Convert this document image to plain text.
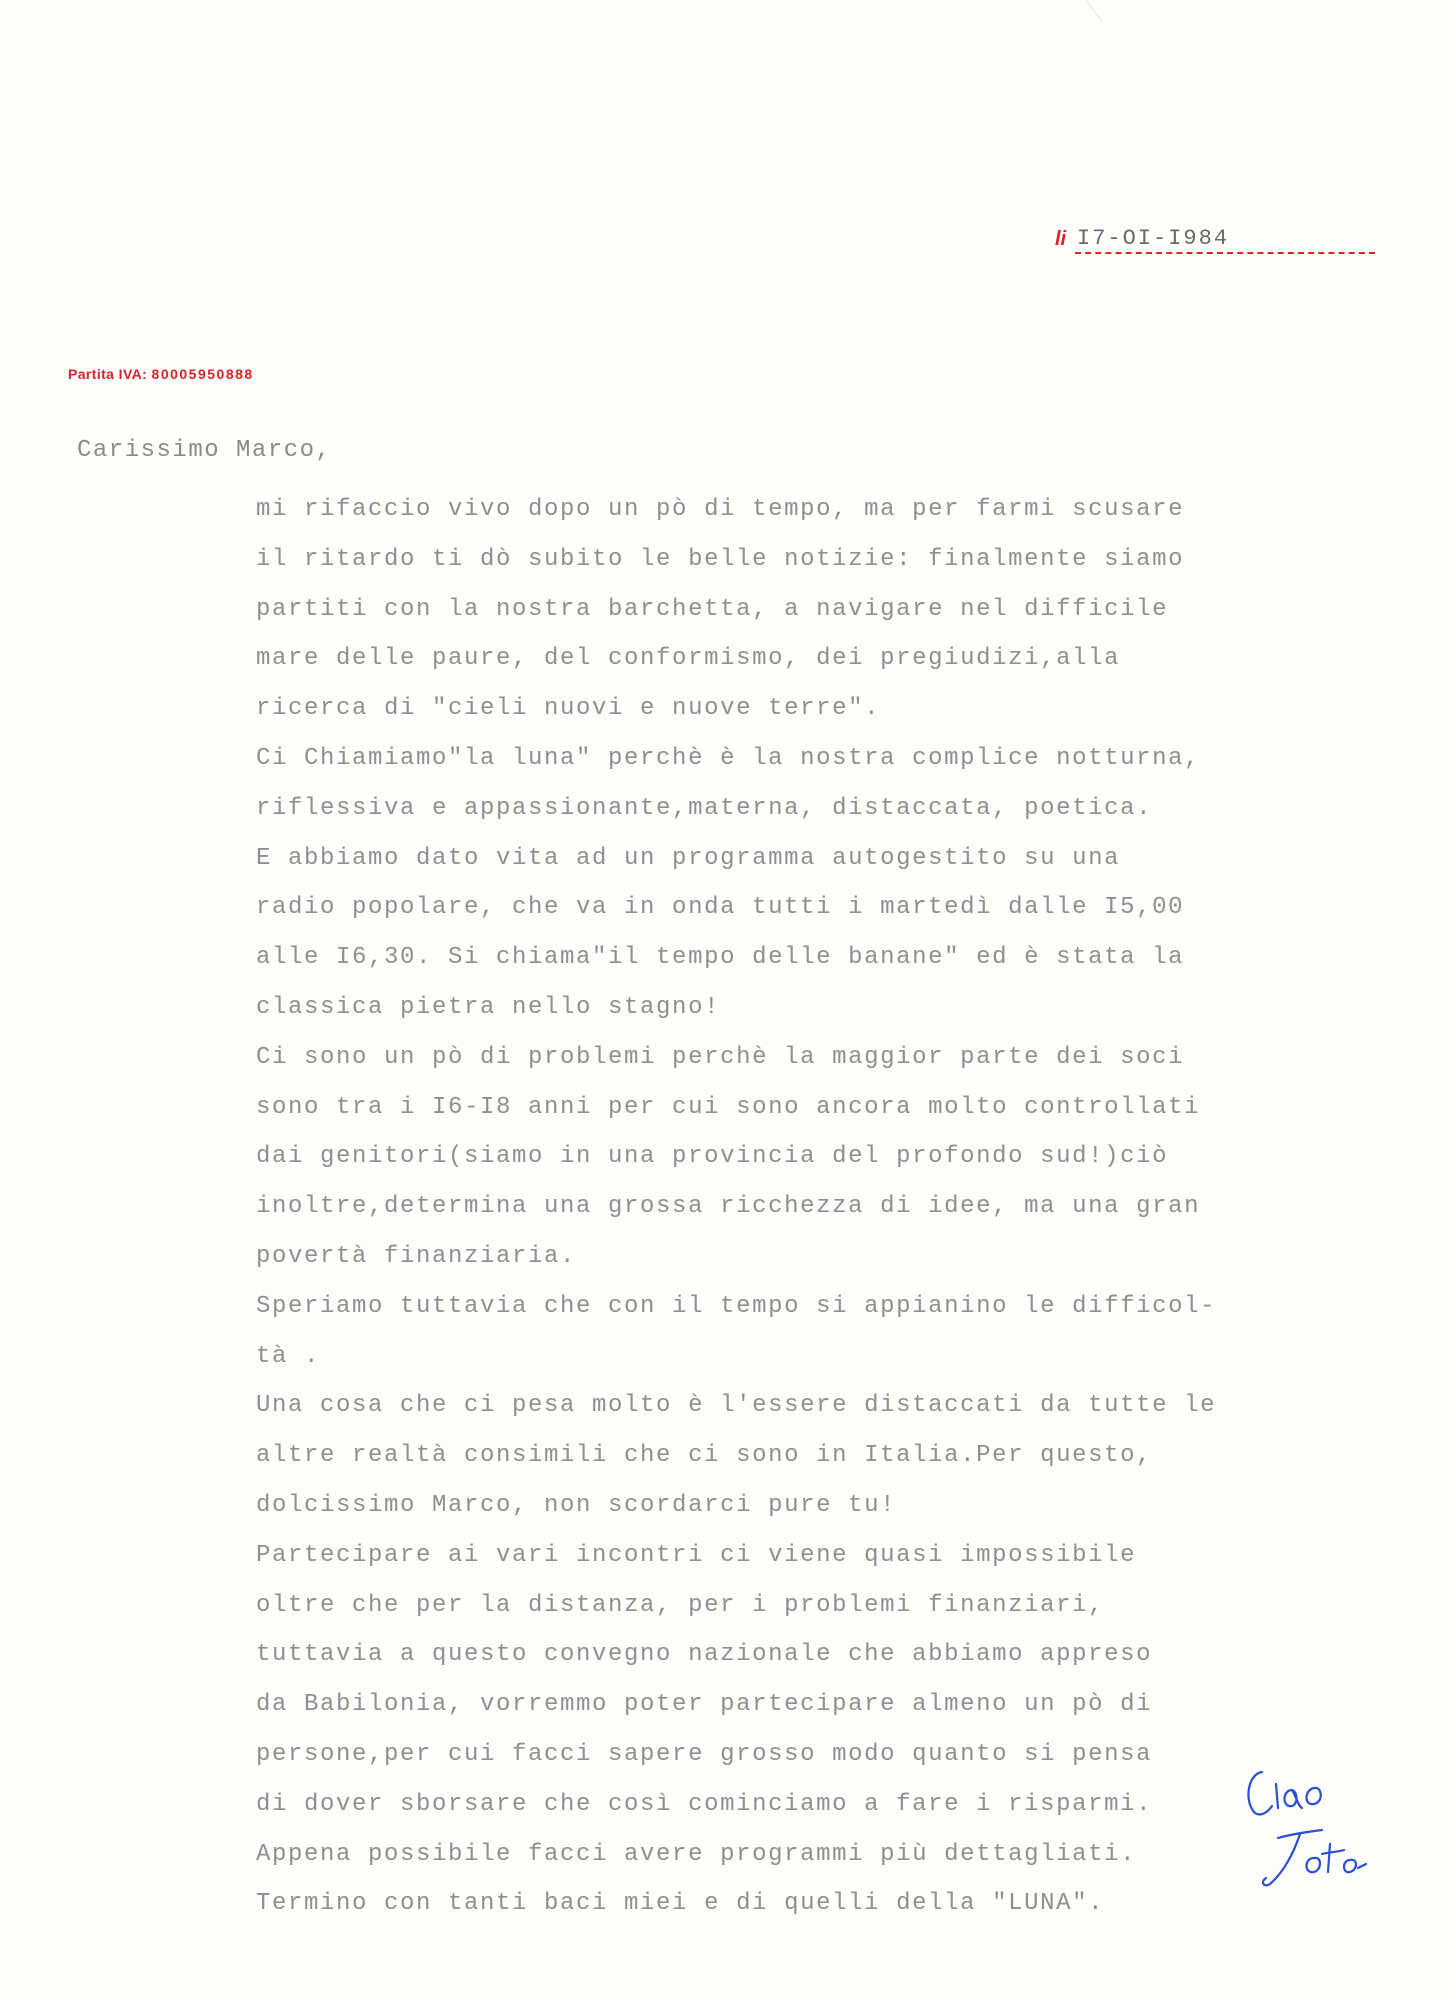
li I7-OI-I984
Partita IVA: 80005950888
Carissimo Marco,
mi rifaccio vivo dopo un pò di tempo, ma per farmi scusare
il ritardo ti dò subito le belle notizie: finalmente siamo
partiti con la nostra barchetta, a navigare nel difficile
mare delle paure, del conformismo, dei pregiudizi,alla
ricerca di "cieli nuovi e nuove terre".
Ci Chiamiamo"la luna" perchè è la nostra complice notturna,
riflessiva e appassionante,materna, distaccata, poetica.
E abbiamo dato vita ad un programma autogestito su una
radio popolare, che va in onda tutti i martedì dalle I5,00
alle I6,30. Si chiama"il tempo delle banane" ed è stata la
classica pietra nello stagno!
Ci sono un pò di problemi perchè la maggior parte dei soci
sono tra i I6-I8 anni per cui sono ancora molto controllati
dai genitori(siamo in una provincia del profondo sud!)ciò
inoltre,determina una grossa ricchezza di idee, ma una gran
povertà finanziaria.
Speriamo tuttavia che con il tempo si appianino le difficol-
tà .
Una cosa che ci pesa molto è l'essere distaccati da tutte le
altre realtà consimili che ci sono in Italia.Per questo,
dolcissimo Marco, non scordarci pure tu!
Partecipare ai vari incontri ci viene quasi impossibile
oltre che per la distanza, per i problemi finanziari,
tuttavia a questo convegno nazionale che abbiamo appreso
da Babilonia, vorremmo poter partecipare almeno un pò di
persone,per cui facci sapere grosso modo quanto si pensa
di dover sborsare che così cominciamo a fare i risparmi.
Appena possibile facci avere programmi più dettagliati.
Termino con tanti baci miei e di quelli della "LUNA".
